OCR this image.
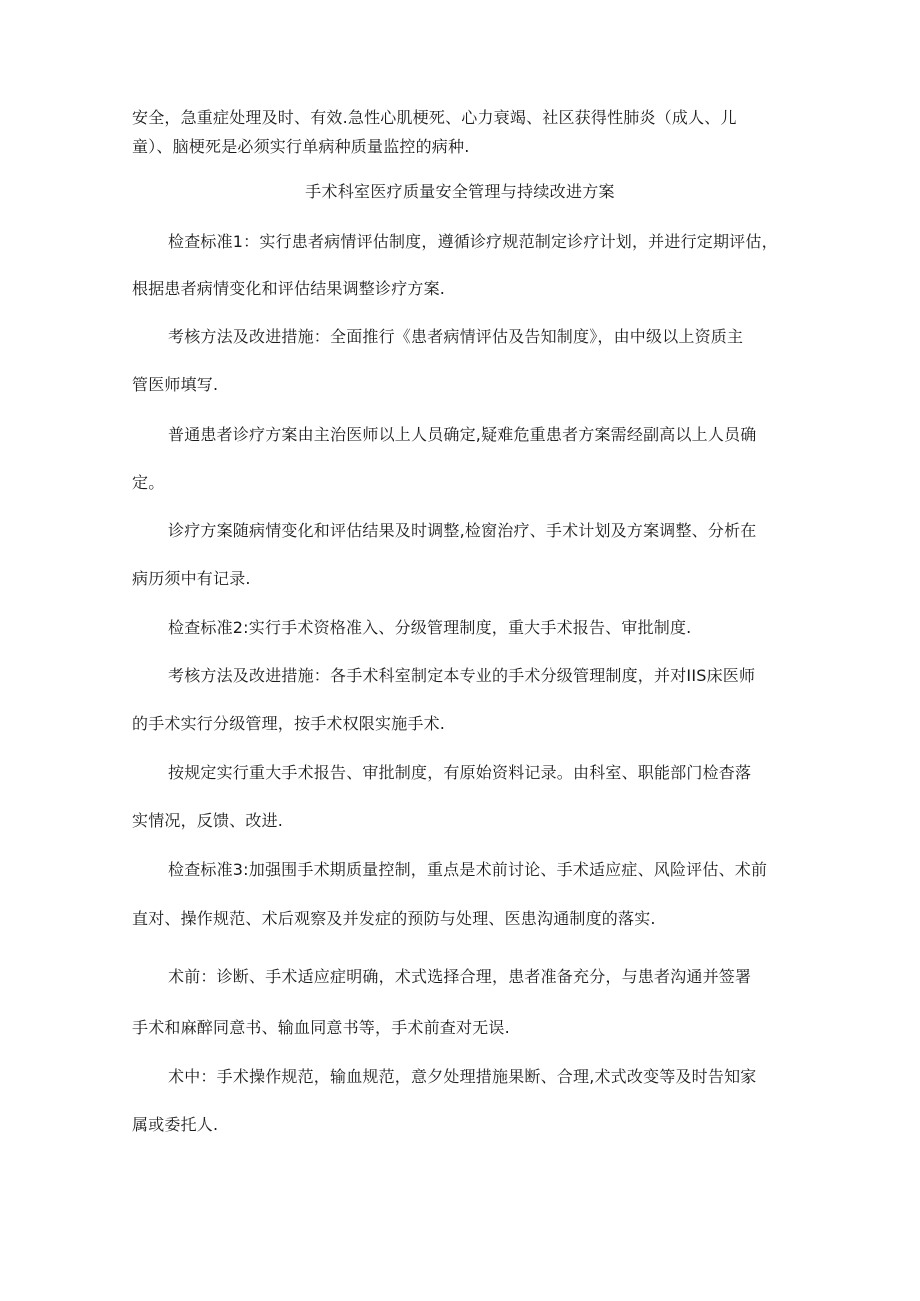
安全，急重症处理及时、有效.急性心肌梗死、心力衰竭、社区获得性肺炎（成人、儿
童）、脑梗死是必须实行单病种质量监控的病种.
手术科室医疗质量安全管理与持续改进方案
检查标准1：实行患者病情评估制度，遵循诊疗规范制定诊疗计划，并进行定期评估，
根据患者病情变化和评估结果调整诊疗方案.
考核方法及改进措施：全面推行《患者病情评估及告知制度》，由中级以上资质主
管医师填写.
普通患者诊疗方案由主治医师以上人员确定,疑难危重患者方案需经副高以上人员确
定。
诊疗方案随病情变化和评估结果及时调整,检窗治疗、手术计划及方案调整、分析在
病历须中有记录.
检查标准2:实行手术资格准入、分级管理制度，重大手术报告、审批制度.
考核方法及改进措施：各手术科室制定本专业的手术分级管理制度，并对IIS床医师
的手术实行分级管理，按手术权限实施手术.
按规定实行重大手术报告、审批制度，有原始资料记录。由科室、职能部门检杳落
实情况，反馈、改进.
检查标准3:加强围手术期质量控制，重点是术前讨论、手术适应症、风险评估、术前
直对、操作规范、术后观察及并发症的预防与处理、医患沟通制度的落实.
术前：诊断、手术适应症明确，术式选择合理，患者准备充分，与患者沟通并签署
手术和麻醉同意书、输血同意书等，手术前查对无误.
术中：手术操作规范，输血规范，意夕处理措施果断、合理,术式改变等及时告知家
属或委托人.
